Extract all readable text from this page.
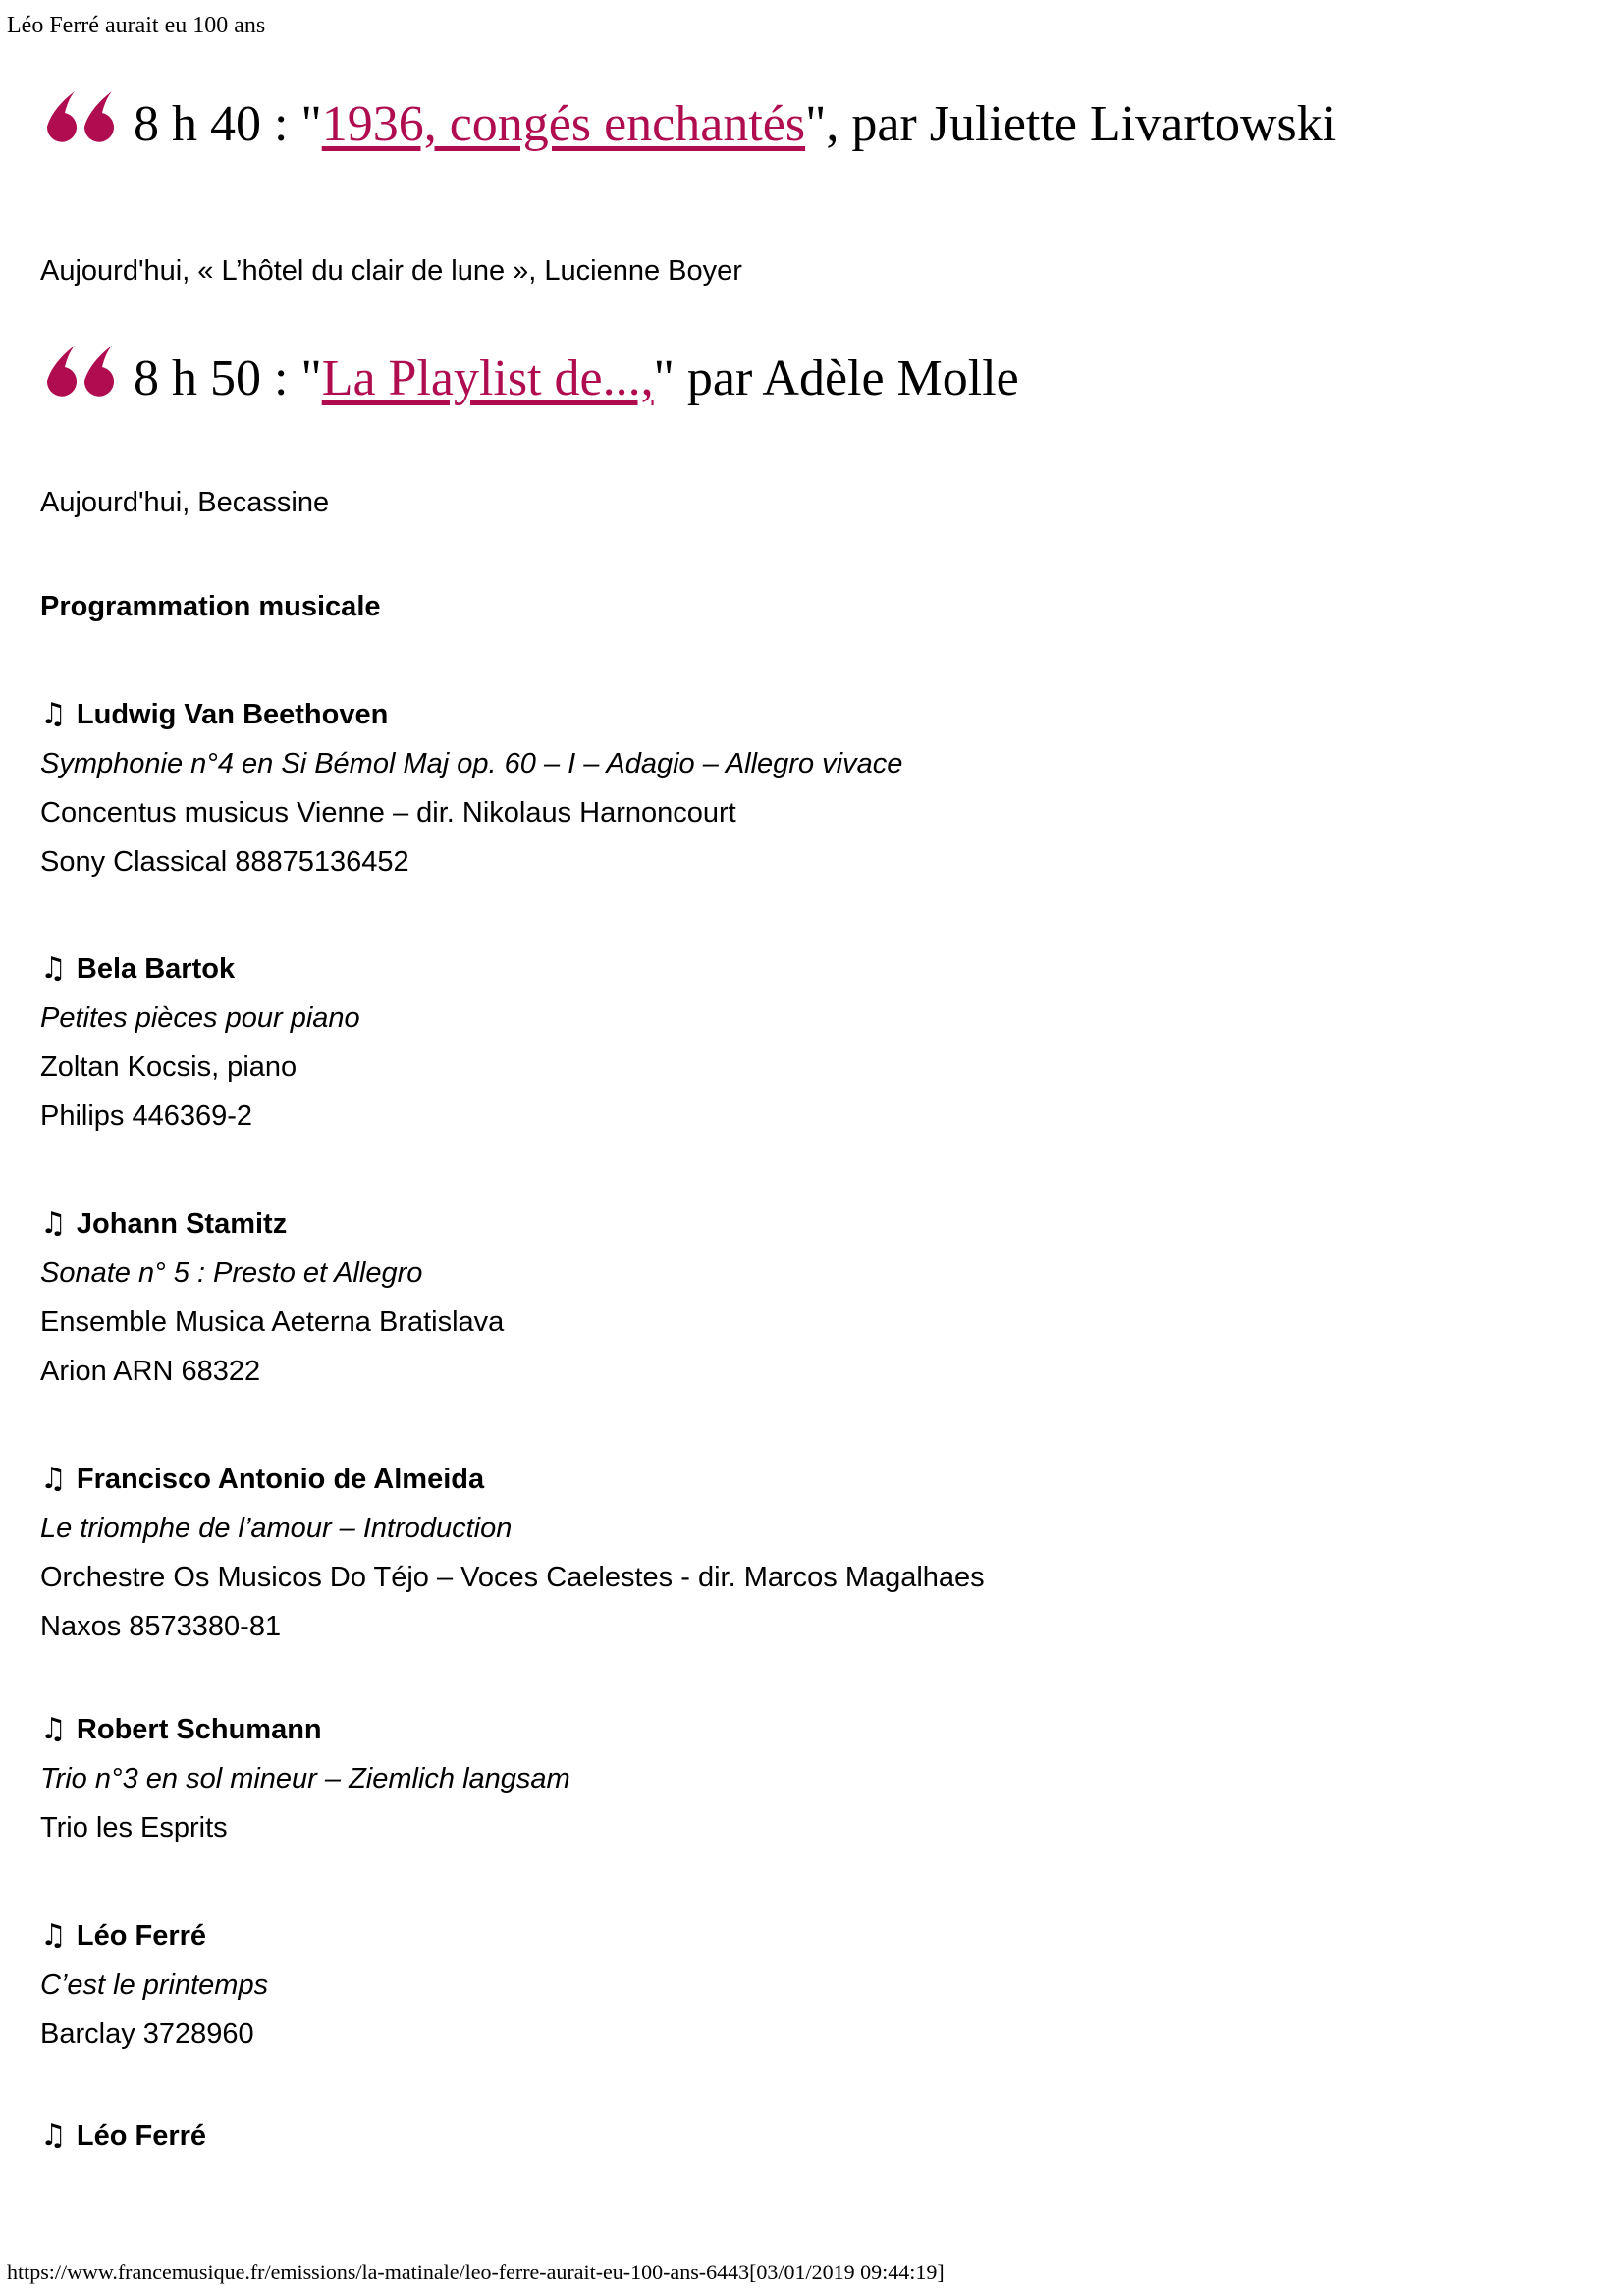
Léo Ferré aurait eu 100 ans
8 h 40 : "1936, congés enchantés", par Juliette Livartowski
Aujourd'hui, « L’hôtel du clair de lune », Lucienne Boyer
8 h 50 : "La Playlist de...," par Adèle Molle
Aujourd'hui, Becassine
Programmation musicale
♫ Ludwig Van Beethoven
Symphonie n°4 en Si Bémol Maj op. 60 – I – Adagio – Allegro vivace
Concentus musicus Vienne – dir. Nikolaus Harnoncourt
Sony Classical 88875136452
♫ Bela Bartok
Petites pièces pour piano
Zoltan Kocsis, piano
Philips 446369-2
♫ Johann Stamitz
Sonate n° 5 : Presto et Allegro
Ensemble Musica Aeterna Bratislava
Arion ARN 68322
♫ Francisco Antonio de Almeida
Le triomphe de l’amour – Introduction
Orchestre Os Musicos Do Téjo – Voces Caelestes - dir. Marcos Magalhaes
Naxos 8573380-81
♫ Robert Schumann
Trio n°3 en sol mineur – Ziemlich langsam
Trio les Esprits
♫ Léo Ferré
C’est le printemps
Barclay 3728960
♫ Léo Ferré
https://www.francemusique.fr/emissions/la-matinale/leo-ferre-aurait-eu-100-ans-6443[03/01/2019 09:44:19]
